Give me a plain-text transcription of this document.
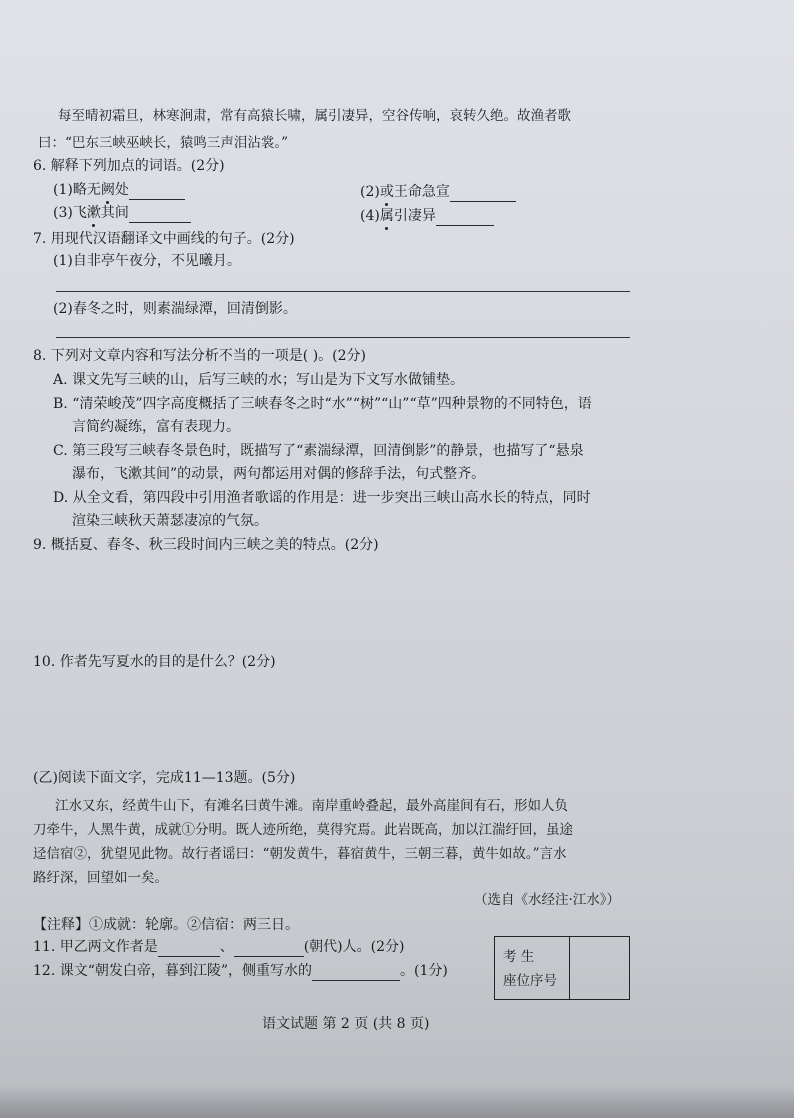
每至晴初霜旦，林寒涧肃，常有高猿长啸，属引凄异，空谷传响，哀转久绝。故渔者歌
曰：“巴东三峡巫峡长，猿鸣三声泪沾裳。”
6. 解释下列加点的词语。(2分)
(1)略无阙处	(2)或王命急宣
(3)飞漱其间	(4)属引凄异
7. 用现代汉语翻译文中画线的句子。(2分)
(1)自非亭午夜分，不见曦月。
(2)春冬之时，则素湍绿潭，回清倒影。
8. 下列对文章内容和写法分析不当的一项是( )。(2分)
A. 课文先写三峡的山，后写三峡的水；写山是为下文写水做铺垫。
B. “清荣峻茂”四字高度概括了三峡春冬之时“水”“树”“山”“草”四种景物的不同特色，语
言简约凝练，富有表现力。
C. 第三段写三峡春冬景色时，既描写了“素湍绿潭，回清倒影”的静景，也描写了“悬泉
瀑布，飞漱其间”的动景，两句都运用对偶的修辞手法，句式整齐。
D. 从全文看，第四段中引用渔者歌谣的作用是：进一步突出三峡山高水长的特点，同时
渲染三峡秋天萧瑟凄凉的气氛。
9. 概括夏、春冬、秋三段时间内三峡之美的特点。(2分)
10. 作者先写夏水的目的是什么？(2分)
(乙)阅读下面文字，完成11—13题。(5分)
江水又东，经黄牛山下，有滩名曰黄牛滩。南岸重岭叠起，最外高崖间有石，形如人负
刀牵牛，人黑牛黄，成就①分明。既人迹所绝，莫得究焉。此岩既高，加以江湍纡回，虽途
迳信宿②，犹望见此物。故行者谣曰：“朝发黄牛，暮宿黄牛，三朝三暮，黄牛如故。”言水
路纡深，回望如一矣。
（选自《水经注·江水》）
【注释】①成就：轮廓。②信宿：两三日。
11. 甲乙两文作者是	、	(朝代)人。(2分)
12. 课文“朝发白帝，暮到江陵”，侧重写水的	。(1分)
考 生
座位序号
语文试题 第 2 页 (共 8 页)
